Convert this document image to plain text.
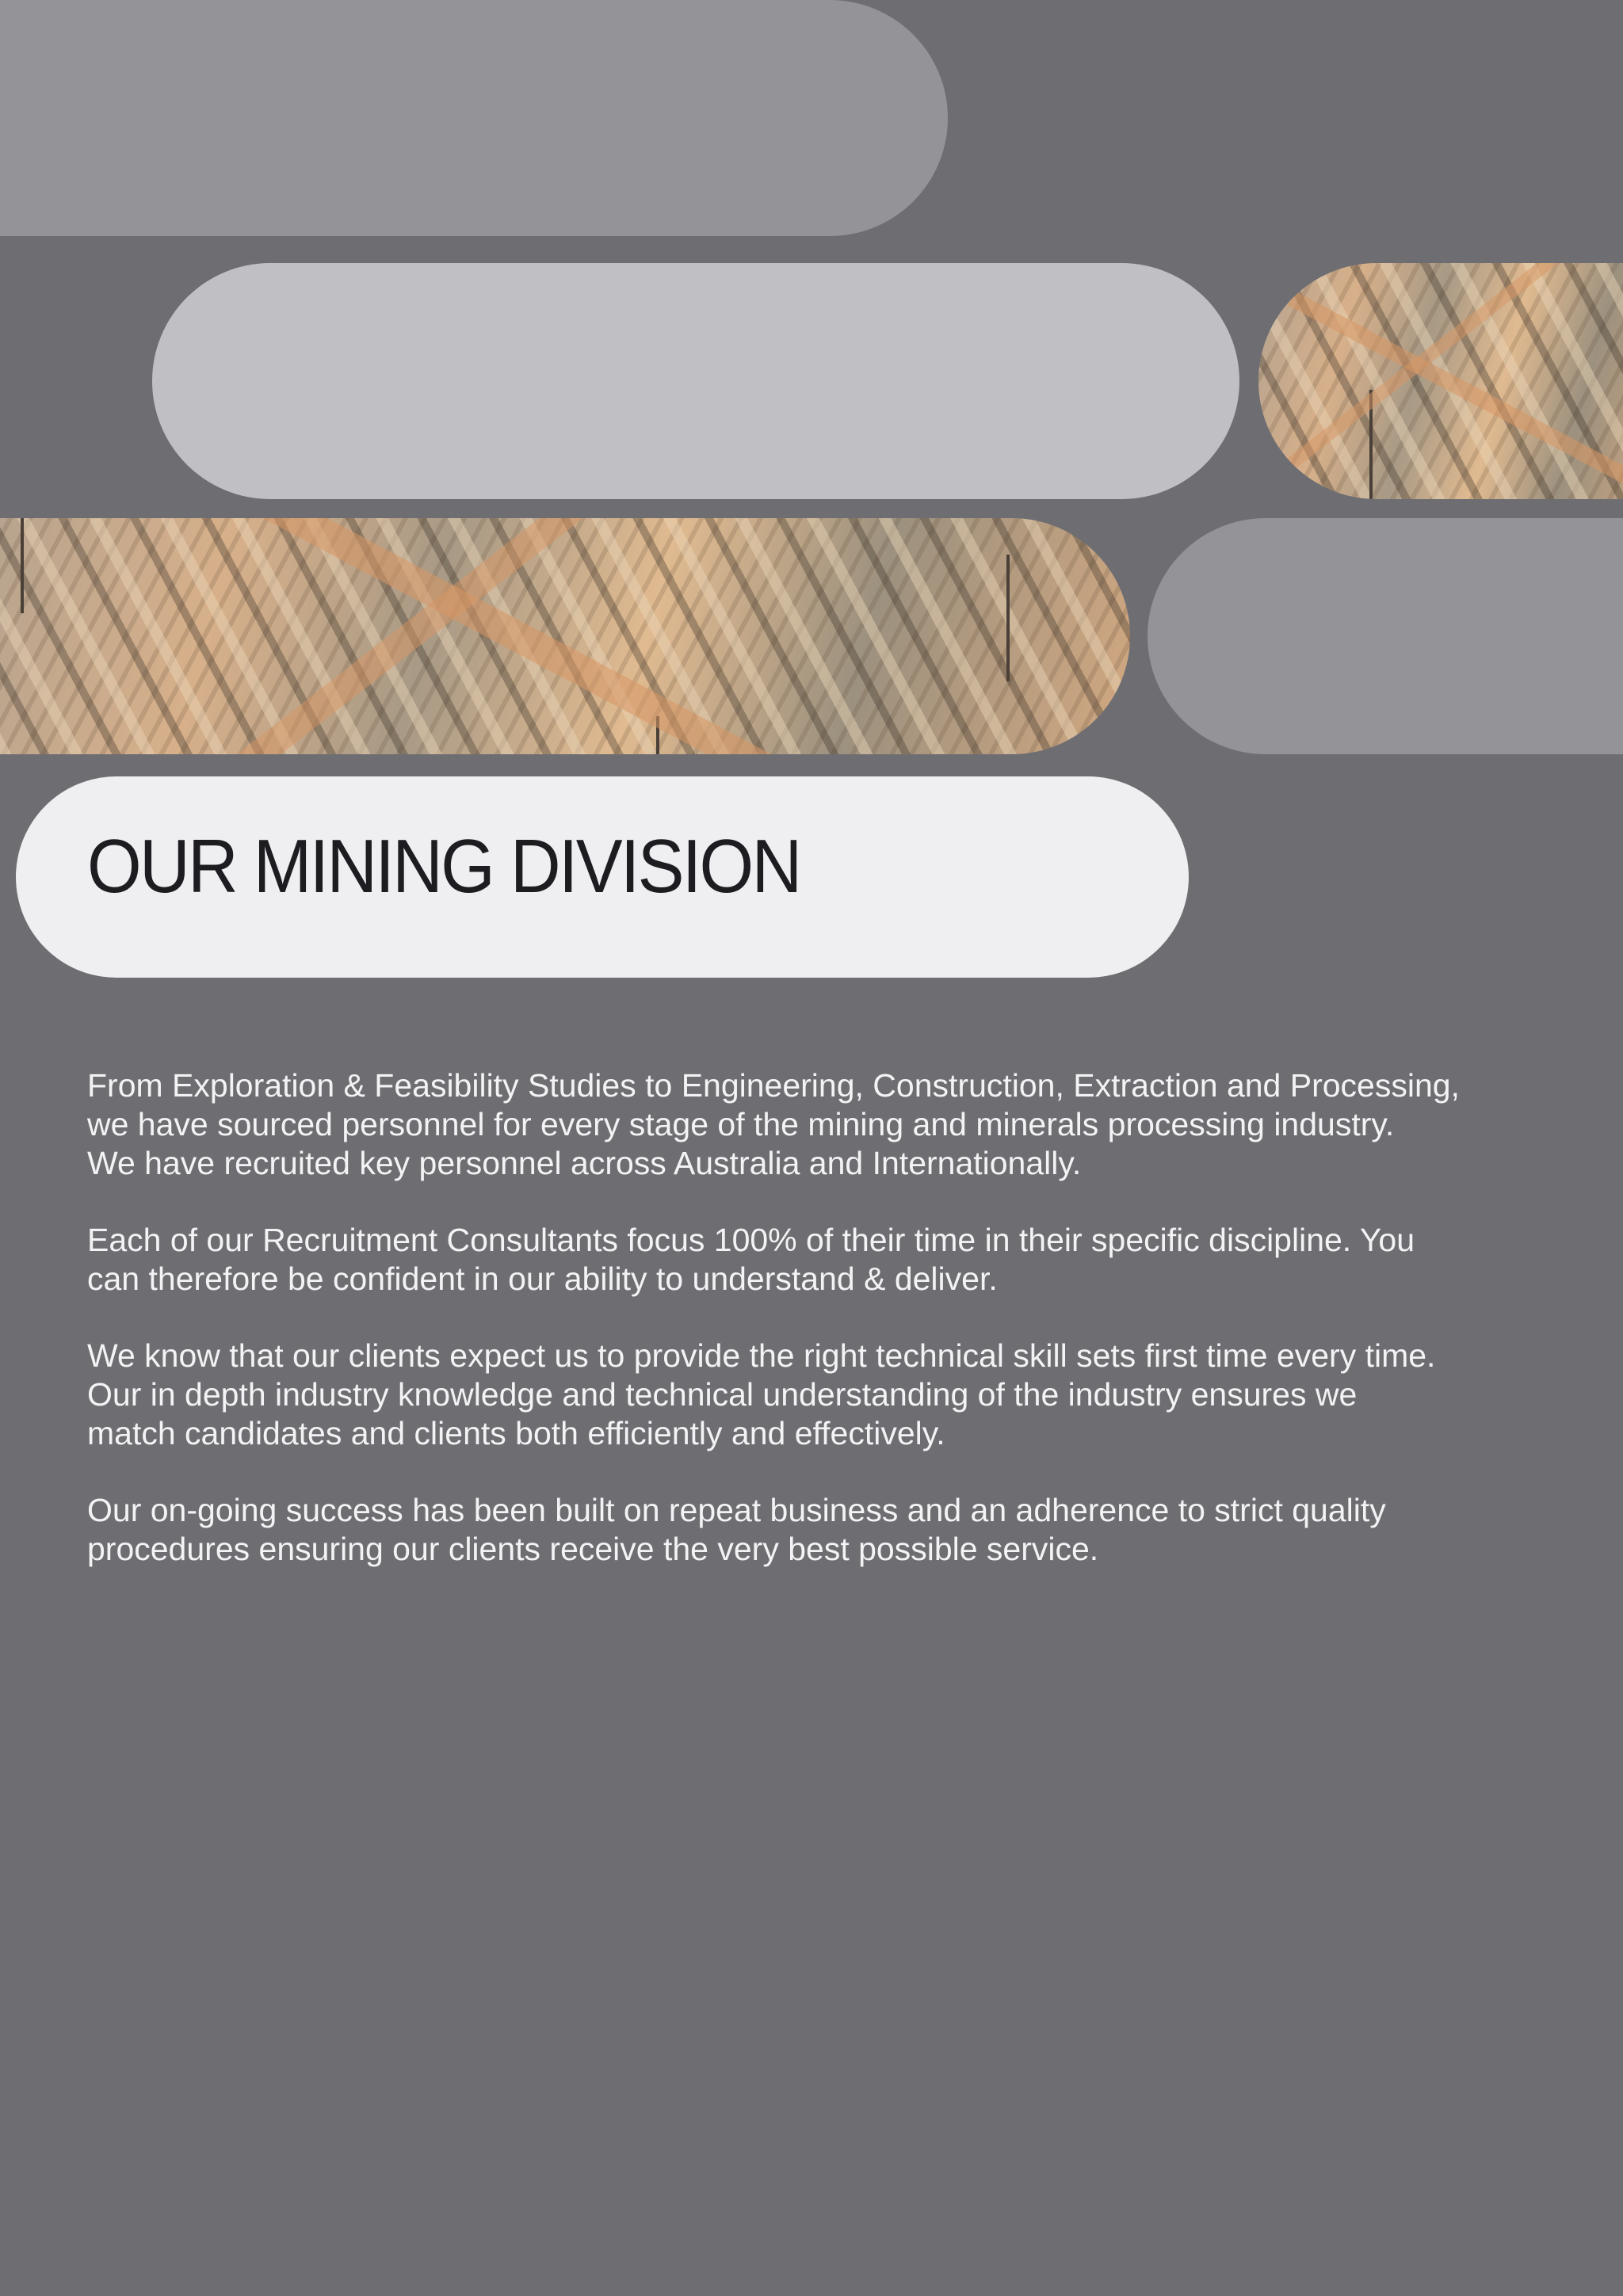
OUR MINING DIVISION

From Exploration & Feasibility Studies to Engineering, Construction, Extraction and Processing,
we have sourced personnel for every stage of the mining and minerals processing industry.
We have recruited key personnel across Australia and Internationally.

Each of our Recruitment Consultants focus 100% of their time in their specific discipline. You
can therefore be confident in our ability to understand & deliver.

We know that our clients expect us to provide the right technical skill sets first time every time.
Our in depth industry knowledge and technical understanding of the industry ensures we
match candidates and clients both efficiently and effectively.

Our on-going success has been built on repeat business and an adherence to strict quality
procedures ensuring our clients receive the very best possible service.
